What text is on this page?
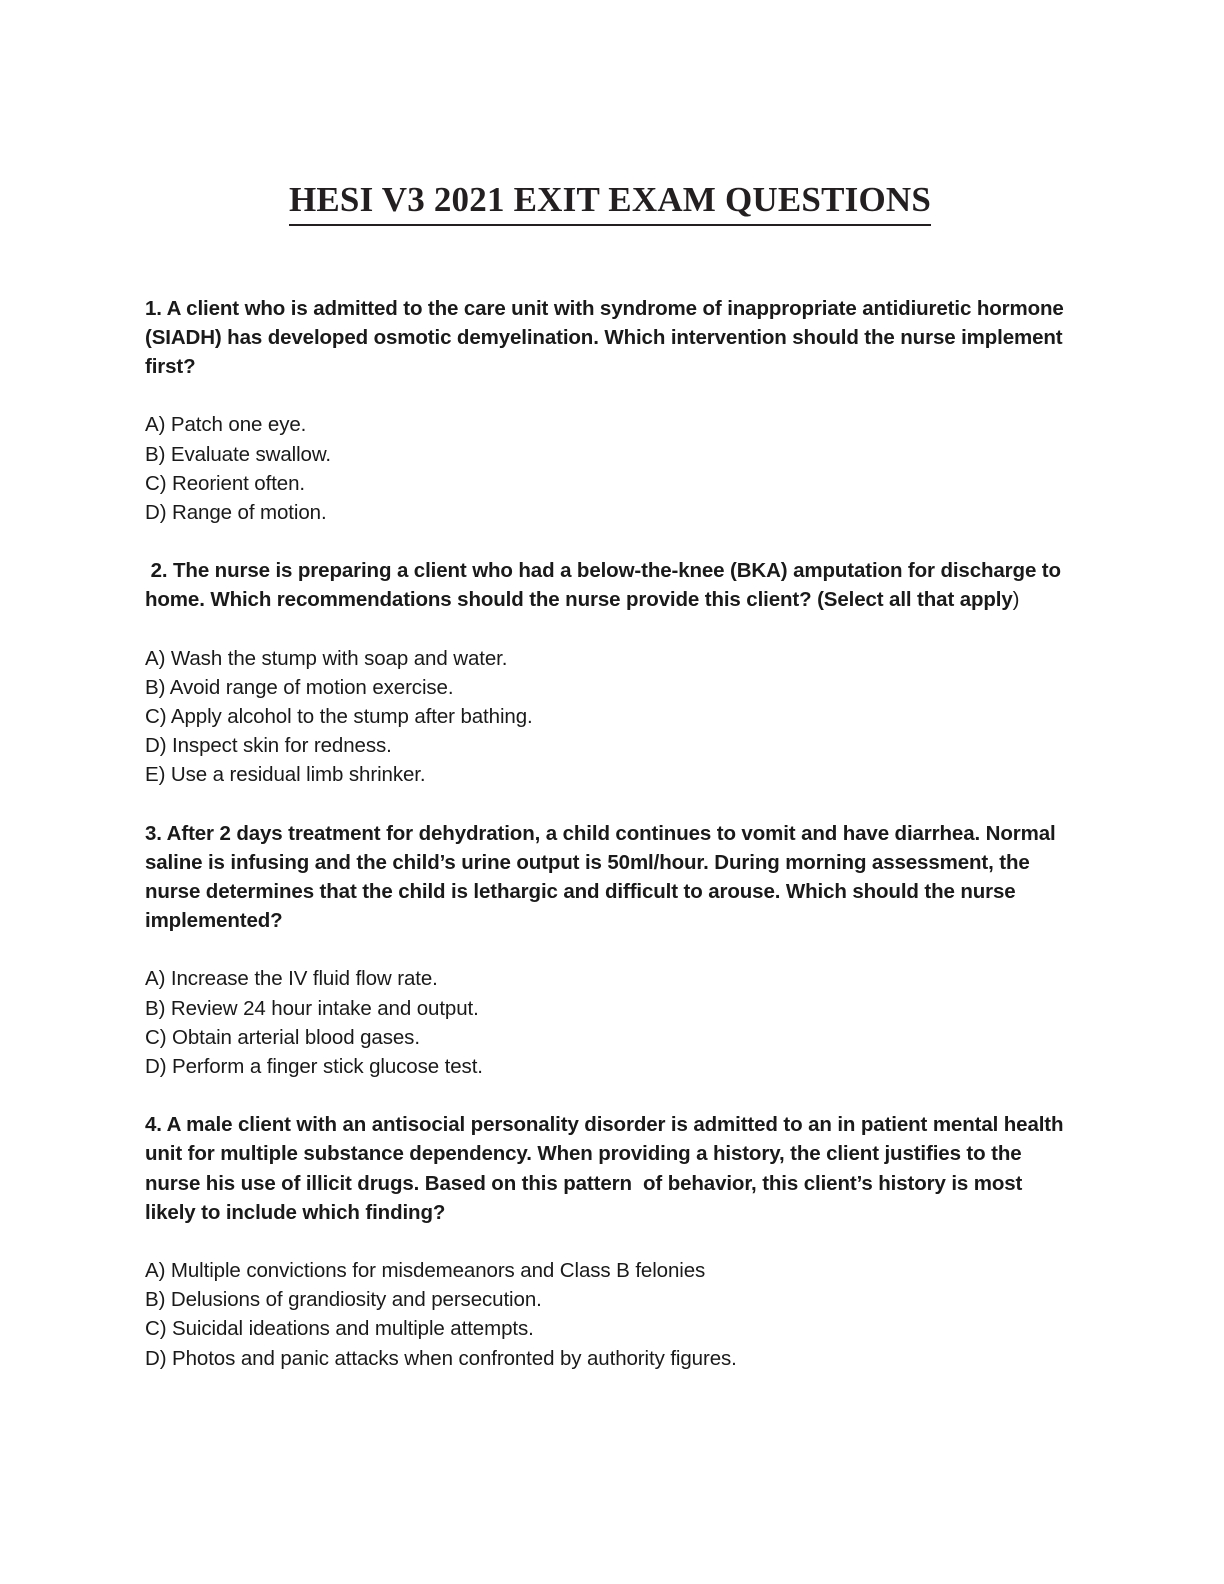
HESI V3 2021 EXIT EXAM QUESTIONS

1. A client who is admitted to the care unit with syndrome of inappropriate antidiuretic hormone (SIADH) has developed osmotic demyelination. Which intervention should the nurse implement first?

A) Patch one eye.

B) Evaluate swallow.

C) Reorient often.

D) Range of motion.

2. The nurse is preparing a client who had a below-the-knee (BKA) amputation for discharge to home. Which recommendations should the nurse provide this client? (Select all that apply)

A) Wash the stump with soap and water.

B) Avoid range of motion exercise.

C) Apply alcohol to the stump after bathing.

D) Inspect skin for redness.

E) Use a residual limb shrinker.

3. After 2 days treatment for dehydration, a child continues to vomit and have diarrhea. Normal saline is infusing and the child’s urine output is 50ml/hour. During morning assessment, the nurse determines that the child is lethargic and difficult to arouse. Which should the nurse implemented?

A) Increase the IV fluid flow rate.

B) Review 24 hour intake and output.

C) Obtain arterial blood gases.

D) Perform a finger stick glucose test.

4. A male client with an antisocial personality disorder is admitted to an in patient mental health unit for multiple substance dependency. When providing a history, the client justifies to the nurse his use of illicit drugs. Based on this pattern  of behavior, this client’s history is most likely to include which finding?

A) Multiple convictions for misdemeanors and Class B felonies

B) Delusions of grandiosity and persecution.

C) Suicidal ideations and multiple attempts.

D) Photos and panic attacks when confronted by authority figures.
